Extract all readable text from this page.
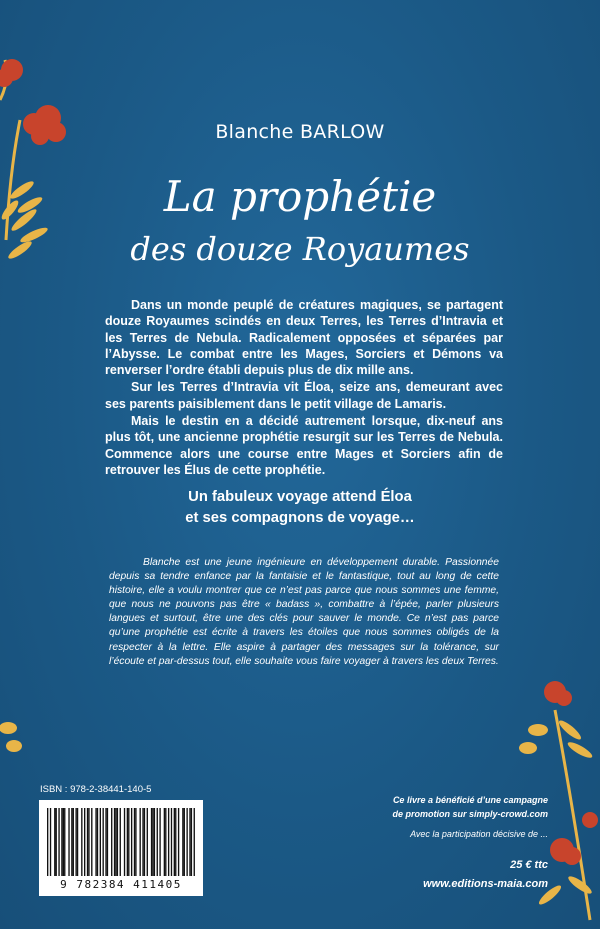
Blanche BARLOW
La prophétie
des douze Royaumes

Dans un monde peuplé de créatures magiques, se partagent douze Royaumes scindés en deux Terres, les Terres d’Intravia et les Terres de Nebula. Radicalement opposées et séparées par l’Abysse. Le combat entre les Mages, Sorciers et Démons va renverser l’ordre établi depuis plus de dix mille ans.

Sur les Terres d’Intravia vit Éloa, seize ans, demeurant avec ses parents paisiblement dans le petit village de Lamaris.

Mais le destin en a décidé autrement lorsque, dix-neuf ans plus tôt, une ancienne prophétie resurgit sur les Terres de Nebula. Commence alors une course entre Mages et Sorciers afin de retrouver les Élus de cette prophétie.

Un fabuleux voyage attend Éloa
et ses compagnons de voyage…

Blanche est une jeune ingénieure en développement durable. Passionnée depuis sa tendre enfance par la fantaisie et le fantastique, tout au long de cette histoire, elle a voulu montrer que ce n’est pas parce que nous sommes une femme, que nous ne pouvons pas être « badass », combattre à l’épée, parler plusieurs langues et surtout, être une des clés pour sauver le monde. Ce n’est pas parce qu’une prophétie est écrite à travers les étoiles que nous sommes obligés de la respecter à la lettre. Elle aspire à partager des messages sur la tolérance, sur l’écoute et par-dessus tout, elle souhaite vous faire voyager à travers les deux Terres.

ISBN : 978-2-38441-140-5
9 782384 411405
Ce livre a bénéficié d’une campagne
de promotion sur simply-crowd.com
Avec la participation décisive de ...
25 € ttc
www.editions-maia.com
